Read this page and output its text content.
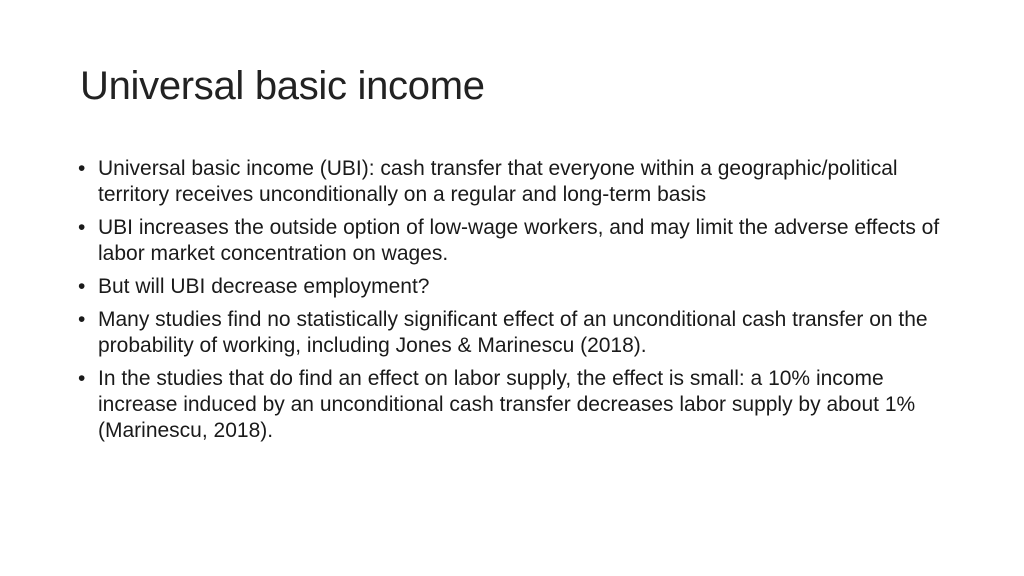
Universal basic income
• Universal basic income (UBI): cash transfer that everyone within a geographic/political territory receives unconditionally on a regular and long-term basis
• UBI increases the outside option of low-wage workers, and may limit the adverse effects of labor market concentration on wages.
• But will UBI decrease employment?
• Many studies find no statistically significant effect of an unconditional cash transfer on the probability of working, including Jones & Marinescu (2018).
• In the studies that do find an effect on labor supply, the effect is small: a 10% income increase induced by an unconditional cash transfer decreases labor supply by about 1% (Marinescu, 2018).
